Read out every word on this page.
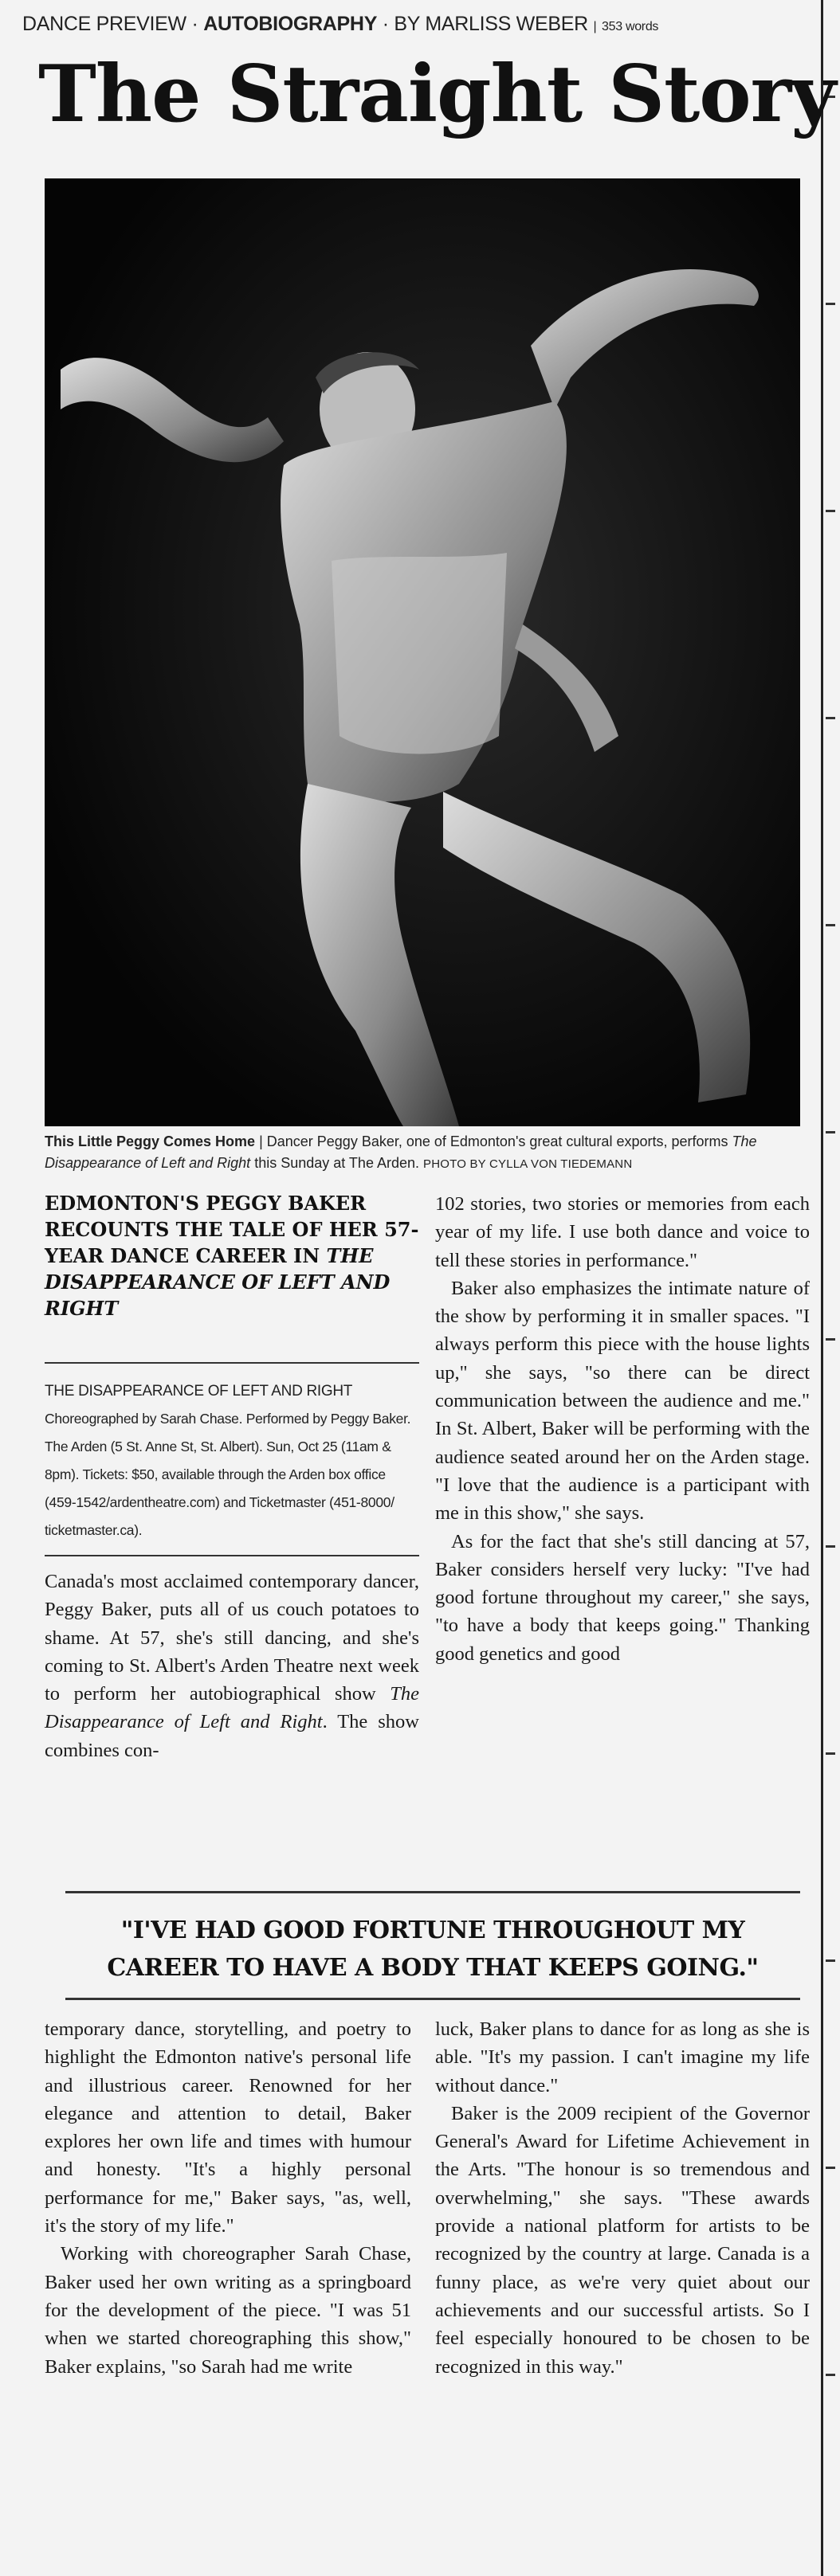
DANCE PREVIEW · AUTOBIOGRAPHY · BY MARLISS WEBER | 353 words
The Straight Story
This Little Peggy Comes Home | Dancer Peggy Baker, one of Edmonton's great cultural exports, performs The Disappearance of Left and Right this Sunday at The Arden. PHOTO BY CYLLA VON TIEDEMANN
EDMONTON'S PEGGY BAKER RECOUNTS THE TALE OF HER 57-YEAR DANCE CAREER IN THE DISAPPEARANCE OF LEFT AND RIGHT
THE DISAPPEARANCE OF LEFT AND RIGHT
Choreographed by Sarah Chase. Performed by Peggy Baker. The Arden (5 St. Anne St, St. Albert). Sun, Oct 25 (11am & 8pm). Tickets: $50, available through the Arden box office (459-1542/ardentheatre.com) and Ticketmaster (451-8000/ ticketmaster.ca).

Canada's most acclaimed contemporary dancer, Peggy Baker, puts all of us couch potatoes to shame. At 57, she's still dancing, and she's coming to St. Albert's Arden Theatre next week to perform her autobiographical show The Disappearance of Left and Right. The show combines con-

102 stories, two stories or memories from each year of my life. I use both dance and voice to tell these stories in performance."

Baker also emphasizes the intimate nature of the show by performing it in smaller spaces. "I always perform this piece with the house lights up," she says, "so there can be direct communication between the audience and me." In St. Albert, Baker will be performing with the audience seated around her on the Arden stage. "I love that the audience is a participant with me in this show," she says.

As for the fact that she's still dancing at 57, Baker considers herself very lucky: "I've had good fortune throughout my career," she says, "to have a body that keeps going." Thanking good genetics and good

"I'VE HAD GOOD FORTUNE THROUGHOUT MY CAREER TO HAVE A BODY THAT KEEPS GOING."

temporary dance, storytelling, and poetry to highlight the Edmonton native's personal life and illustrious career. Renowned for her elegance and attention to detail, Baker explores her own life and times with humour and honesty. "It's a highly personal performance for me," Baker says, "as, well, it's the story of my life."

Working with choreographer Sarah Chase, Baker used her own writing as a springboard for the development of the piece. "I was 51 when we started choreographing this show," Baker explains, "so Sarah had me write

luck, Baker plans to dance for as long as she is able. "It's my passion. I can't imagine my life without dance."

Baker is the 2009 recipient of the Governor General's Award for Lifetime Achievement in the Arts. "The honour is so tremendous and overwhelming," she says. "These awards provide a national platform for artists to be recognized by the country at large. Canada is a funny place, as we're very quiet about our achievements and our successful artists. So I feel especially honoured to be chosen to be recognized in this way."
